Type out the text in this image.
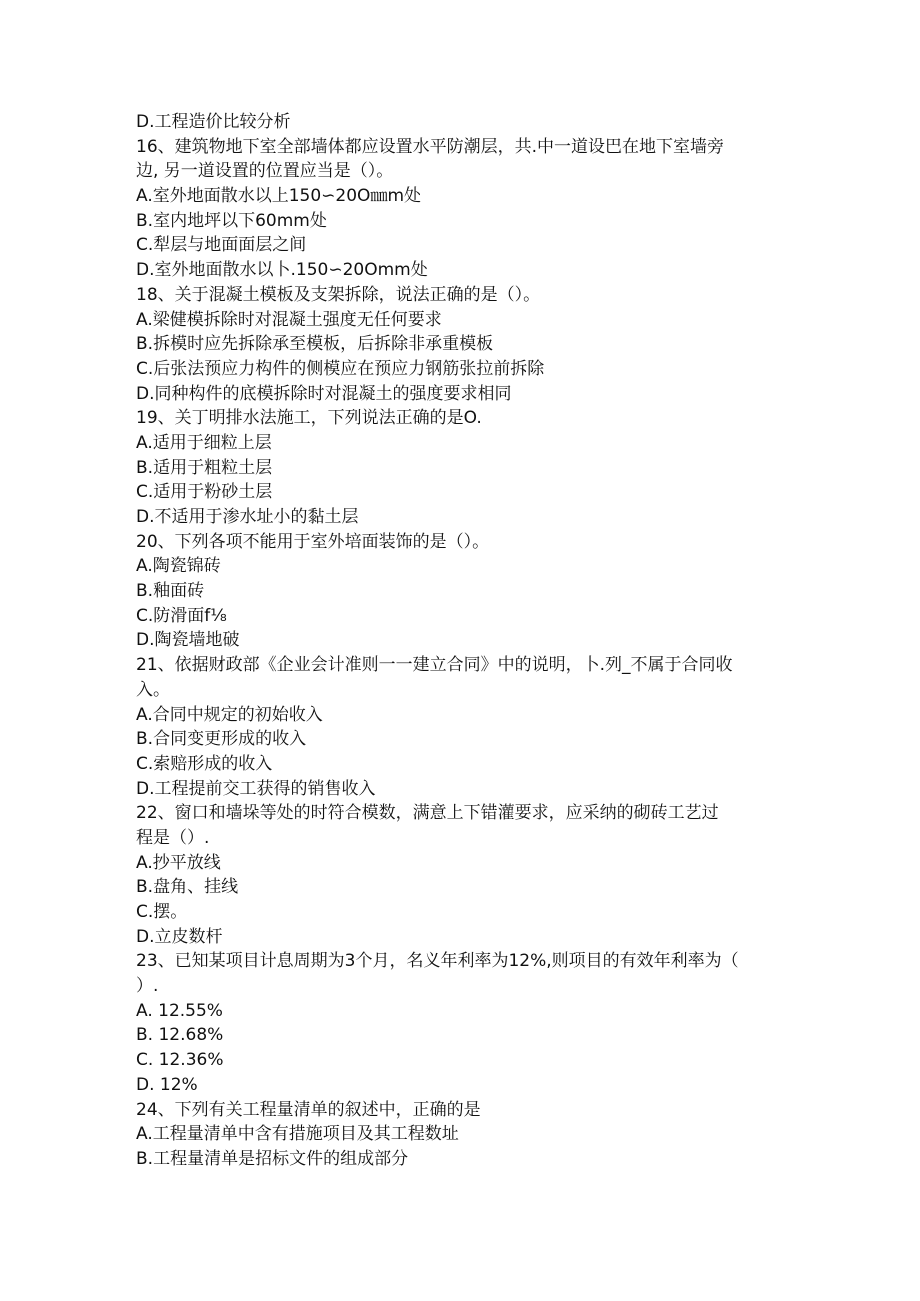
D.工程造价比较分析
16、建筑物地下室全部墙体都应设置水平防潮层，共.中一道设巴在地下室墙旁
边, 另一道设置的位置应当是（）。
A.室外地面散水以上150∽20O㎜m处
B.室内地坪以下60mm处
C.犁层与地面面层之间
D.室外地面散水以卜.150∽20Omm处
18、关于混凝土模板及支架拆除，说法正确的是（）。
A.梁健模拆除时对混凝土强度无任何要求
B.拆模时应先拆除承至模板，后拆除非承重模板
C.后张法预应力构件的侧模应在预应力钢筋张拉前拆除
D.同种构件的底模拆除时对混凝土的强度要求相同
19、关丁明排水法施工，下列说法正确的是O.
A.适用于细粒上层
B.适用于粗粒土层
C.适用于粉砂土层
D.不适用于渗水址小的黏土层
20、下列各项不能用于室外培面装饰的是（）。
A.陶瓷锦砖
B.釉面砖
C.防滑面f⅛
D.陶瓷墙地破
21、依据财政部《企业会计准则一一建立合同》中的说明，卜.列_不属于合同收
入。
A.合同中规定的初始收入
B.合同变更形成的收入
C.索赔形成的收入
D.工程提前交工获得的销售收入
22、窗口和墙垛等处的时符合模数，满意上下错灌要求，应采纳的砌砖工艺过
程是（）.
A.抄平放线
B.盘角、挂线
C.摆。
D.立皮数杆
23、已知某项目计息周期为3个月，名义年利率为12%,则项目的有效年利率为（
）.
A. 12.55%
B. 12.68%
C. 12.36%
D. 12%
24、下列有关工程量清单的叙述中，正确的是
A.工程量清单中含有措施项目及其工程数址
B.工程量清单是招标文件的组成部分
